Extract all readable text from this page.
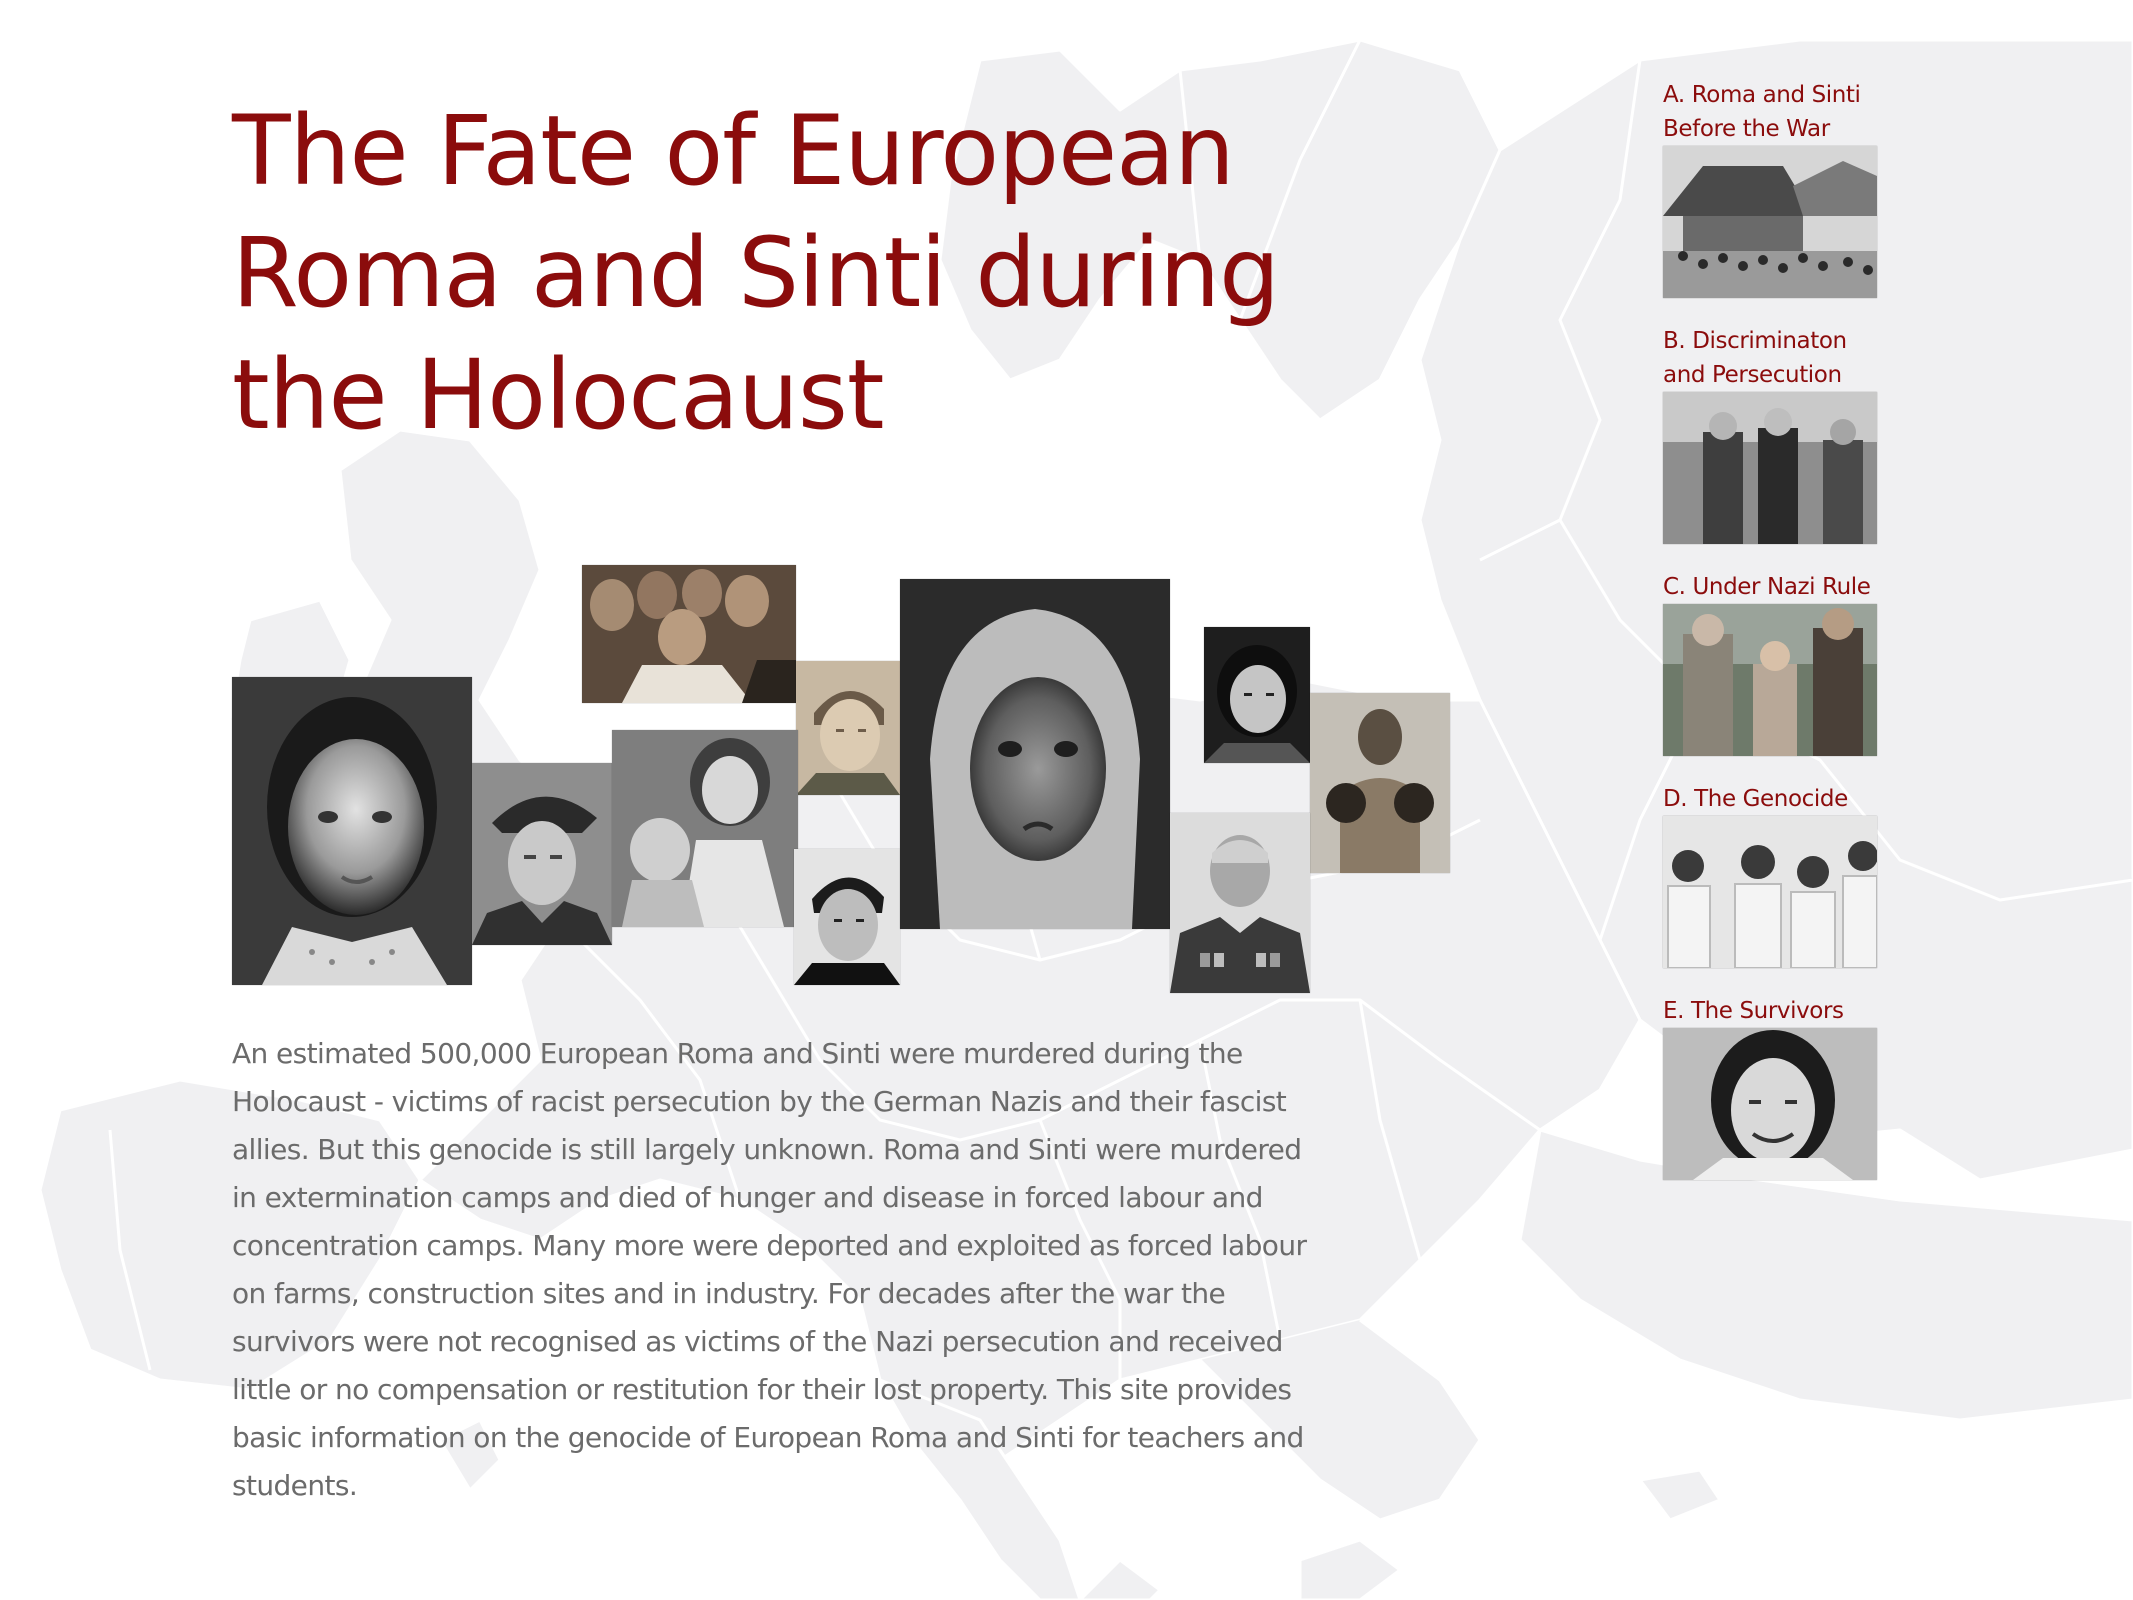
The Fate of European Roma and Sinti during the Holocaust

An estimated 500,000 European Roma and Sinti were murdered during the Holocaust - victims of racist persecution by the German Nazis and their fascist allies. But this genocide is still largely unknown. Roma and Sinti were murdered in extermination camps and died of hunger and disease in forced labour and concentration camps. Many more were deported and exploited as forced labour on farms, construction sites and in industry. For decades after the war the survivors were not recognised as victims of the Nazi persecution and received little or no compensation or restitution for their lost property. This site provides basic information on the genocide of European Roma and Sinti for teachers and students.

A. Roma and Sinti
Before the War
B. Discriminaton
and Persecution
C. Under Nazi Rule
D. The Genocide
E. The Survivors
